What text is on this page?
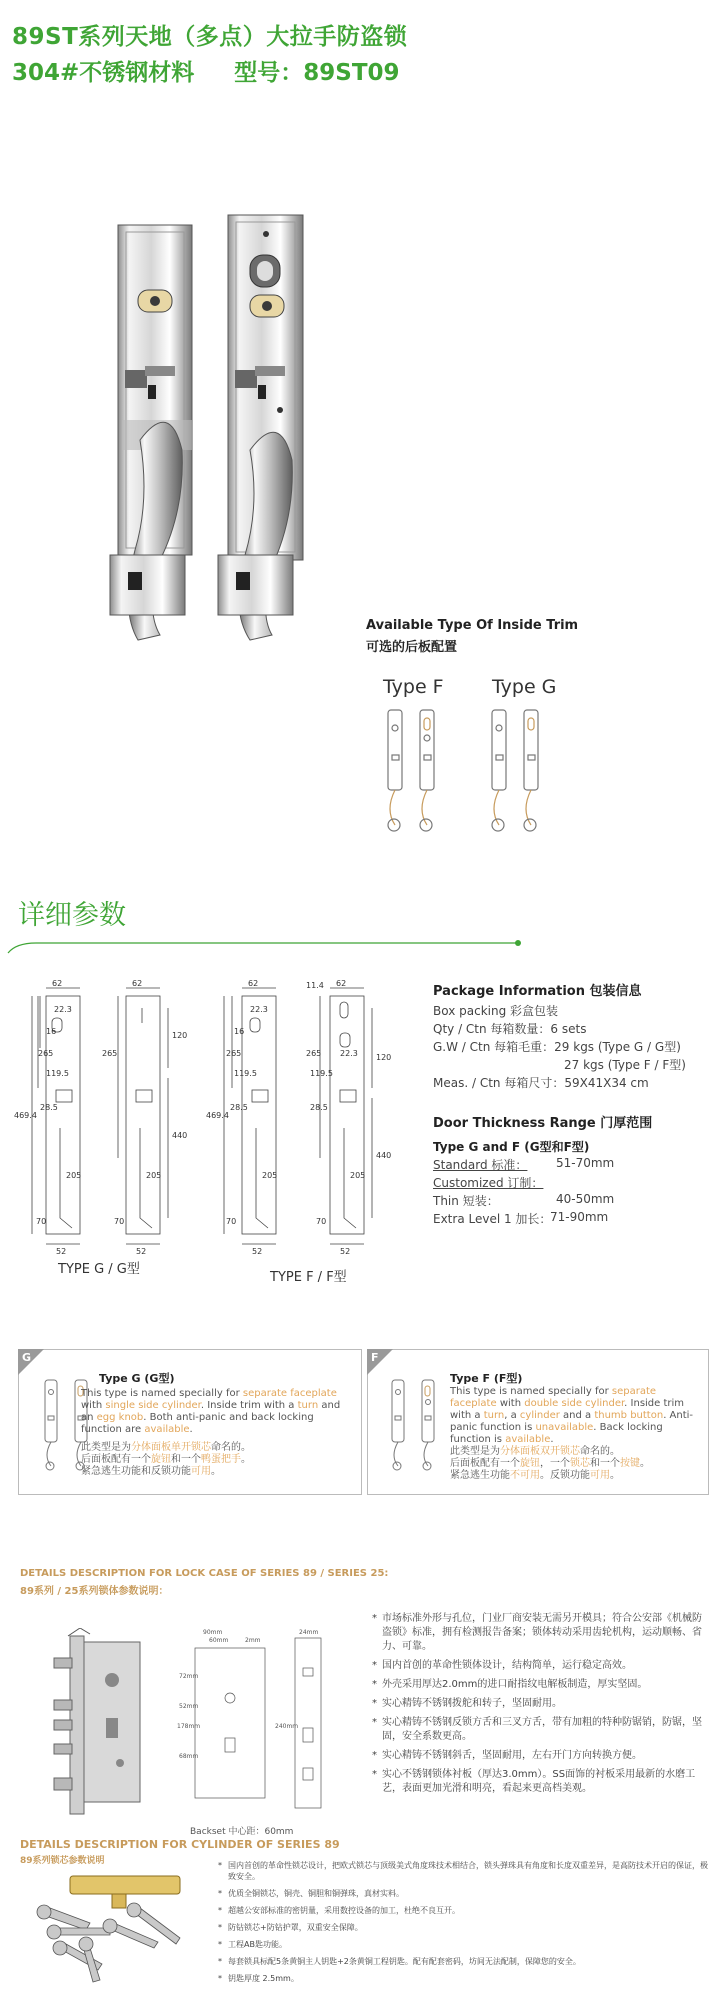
89ST系列天地（多点）大拉手防盗锁
304#不锈钢材料 型号：89ST09
Available Type Of Inside Trim
可选的后板配置
Type F	Type G
详细参数
62	62	62	62
22.3	22.3
22.3
11.4
469.4	469.4
265	265	265	265
119.5	119.5	119.5
16	16
28.5	28.5	28.5
120
120
440
440
205	205	205	205
70	70	70	70
52	52	52	52
TYPE G / G型
TYPE F / F型
Package Information 包装信息
Box packing 彩盒包装
Qty / Ctn 每箱数量：6 sets
G.W / Ctn 每箱毛重：29 kgs (Type G / G型)
27 kgs (Type F / F型)
Meas. / Ctn 每箱尺寸：59X41X34 cm
Door Thickness Range 门厚范围
Type G and F (G型和F型)
Standard 标准： 51-70mm
Customized 订制：
Thin 短装：	40-50mm
Extra Level 1 加长：
71-90mm
G
Type G (G型)
This type is named specially for separate faceplate with single side cylinder. Inside trim with a turn and an egg knob. Both anti-panic and back locking function are available.
此类型是为分体面板单开锁芯命名的。
后面板配有一个旋钮和一个鸭蛋把手。
紧急逃生功能和反锁功能可用。
F
Type F (F型)
This type is named specially for separate faceplate with double side cylinder. Inside trim with a turn, a cylinder and a thumb button. Anti-panic function is unavailable. Back locking function is available.
此类型是为分体面板双开锁芯命名的。
后面板配有一个旋钮，一个锁芯和一个按键。
紧急逃生功能不可用。反锁功能可用。
DETAILS DESCRIPTION FOR LOCK CASE OF SERIES 89 / SERIES 25:
89系列 / 25系列锁体参数说明：
90mm
60mm
24mm
72mm
178mm	240mm
52mm
68mm
2mm
Backset 中心距：60mm
* 市场标准外形与孔位，门业厂商安装无需另开模具；符合公安部《机械防盗锁》标准，拥有检测报告备案；锁体转动采用齿轮机构，运动顺畅、省力、可靠。
* 国内首创的革命性锁体设计，结构简单，运行稳定高效。
* 外壳采用厚达2.0mm的进口耐指纹电解板制造，厚实坚固。
* 实心精铸不锈钢拨舵和转子，坚固耐用。
* 实心精铸不锈钢反锁方舌和三叉方舌，带有加粗的特种防锯销，防锯，坚固，安全系数更高。
* 实心精铸不锈钢斜舌，坚固耐用，左右开门方向转换方便。
* 实心不锈钢锁体衬板（厚达3.0mm）。SS面饰的衬板采用最新的水磨工艺，表面更加光滑和明亮，看起来更高档美观。
DETAILS DESCRIPTION FOR CYLINDER OF SERIES 89
89系列锁芯参数说明
*	国内首创的革命性锁芯设计，把欧式锁芯与顶级美式角度珠技术相结合，锁头弹珠具有角度和长度双重差异，是高防技术开启的保证，极致安全。
* 优质全铜锁芯，铜壳、铜胆和铜弹珠，真材实料。
* 超越公安部标准的密钥量，采用数控设备的加工，杜绝不良互开。
* 防钻锁芯+防钻护罩，双重安全保障。
* 工程AB匙功能。
* 每套锁具标配5条黄铜主人钥匙+2条黄铜工程钥匙。配有配套密码，坊间无法配制，保障您的安全。
* 钥匙厚度 2.5mm。
